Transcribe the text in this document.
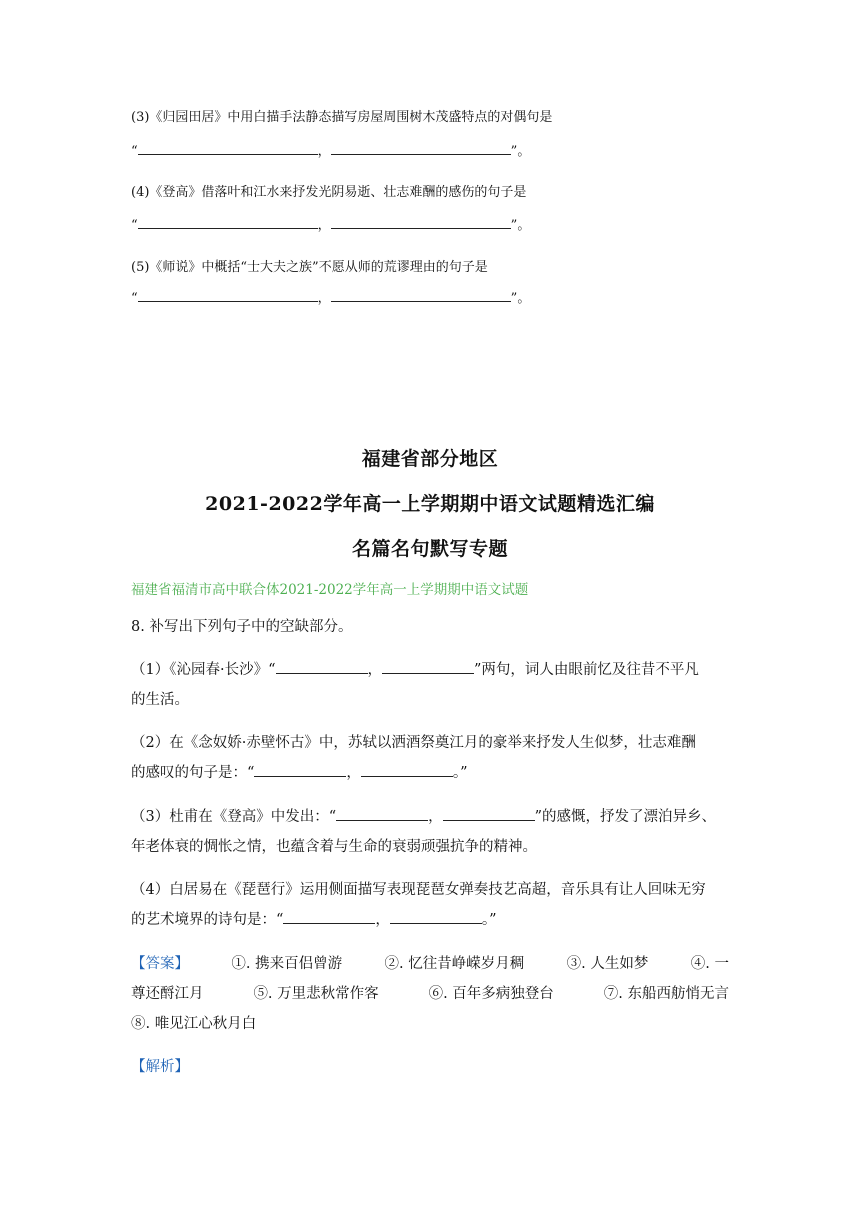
(3)《归园田居》中用白描手法静态描写房屋周围树木茂盛特点的对偶句是
“	，	”。
(4)《登高》借落叶和江水来抒发光阴易逝、壮志难酬的感伤的句子是
“	，	”。
(5)《师说》中概括“士大夫之族”不愿从师的荒谬理由的句子是
“	，	”。
福建省部分地区
2021-2022学年高一上学期期中语文试题精选汇编
名篇名句默写专题
福建省福清市高中联合体2021-2022学年高一上学期期中语文试题
8. 补写出下列句子中的空缺部分。
（1）《沁园春·长沙》“	，	”两句，词人由眼前忆及往昔不平凡
的生活。
（2）在《念奴娇·赤壁怀古》中，苏轼以洒酒祭奠江月的豪举来抒发人生似梦，壮志难酬
的感叹的句子是：“	，	。”
（3）杜甫在《登高》中发出：“	，	”的感慨，抒发了漂泊异乡、
年老体衰的惆怅之情，也蕴含着与生命的衰弱顽强抗争的精神。
（4）白居易在《琵琶行》运用侧面描写表现琵琶女弹奏技艺高超，音乐具有让人回味无穷
的艺术境界的诗句是：“	，	。”
【答案】	①. 携来百侣曾游	②. 忆往昔峥嵘岁月稠	③. 人生如梦	④. 一
尊还酹江月	⑤. 万里悲秋常作客	⑥. 百年多病独登台	⑦. 东船西舫悄无言
⑧. 唯见江心秋月白
【解析】
